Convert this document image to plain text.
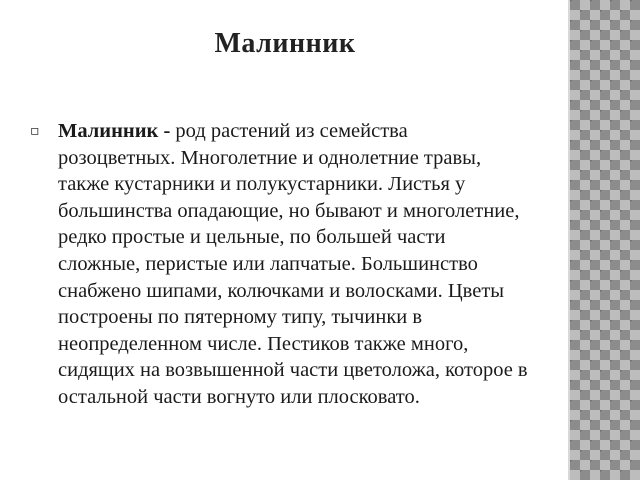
Малинник
▫ Малинник - род растений из семейства розоцветных. Многолетние и однолетние травы, также кустарники и полукустарники. Листья у большинства опадающие, но бывают и многолетние, редко простые и цельные, по большей части сложные, перистые или лапчатые. Большинство снабжено шипами, колючками и волосками. Цветы построены по пятерному типу, тычинки в неопределенном числе. Пестиков также много, сидящих на возвышенной части цветоложа, которое в остальной части вогнуто или плосковато.
